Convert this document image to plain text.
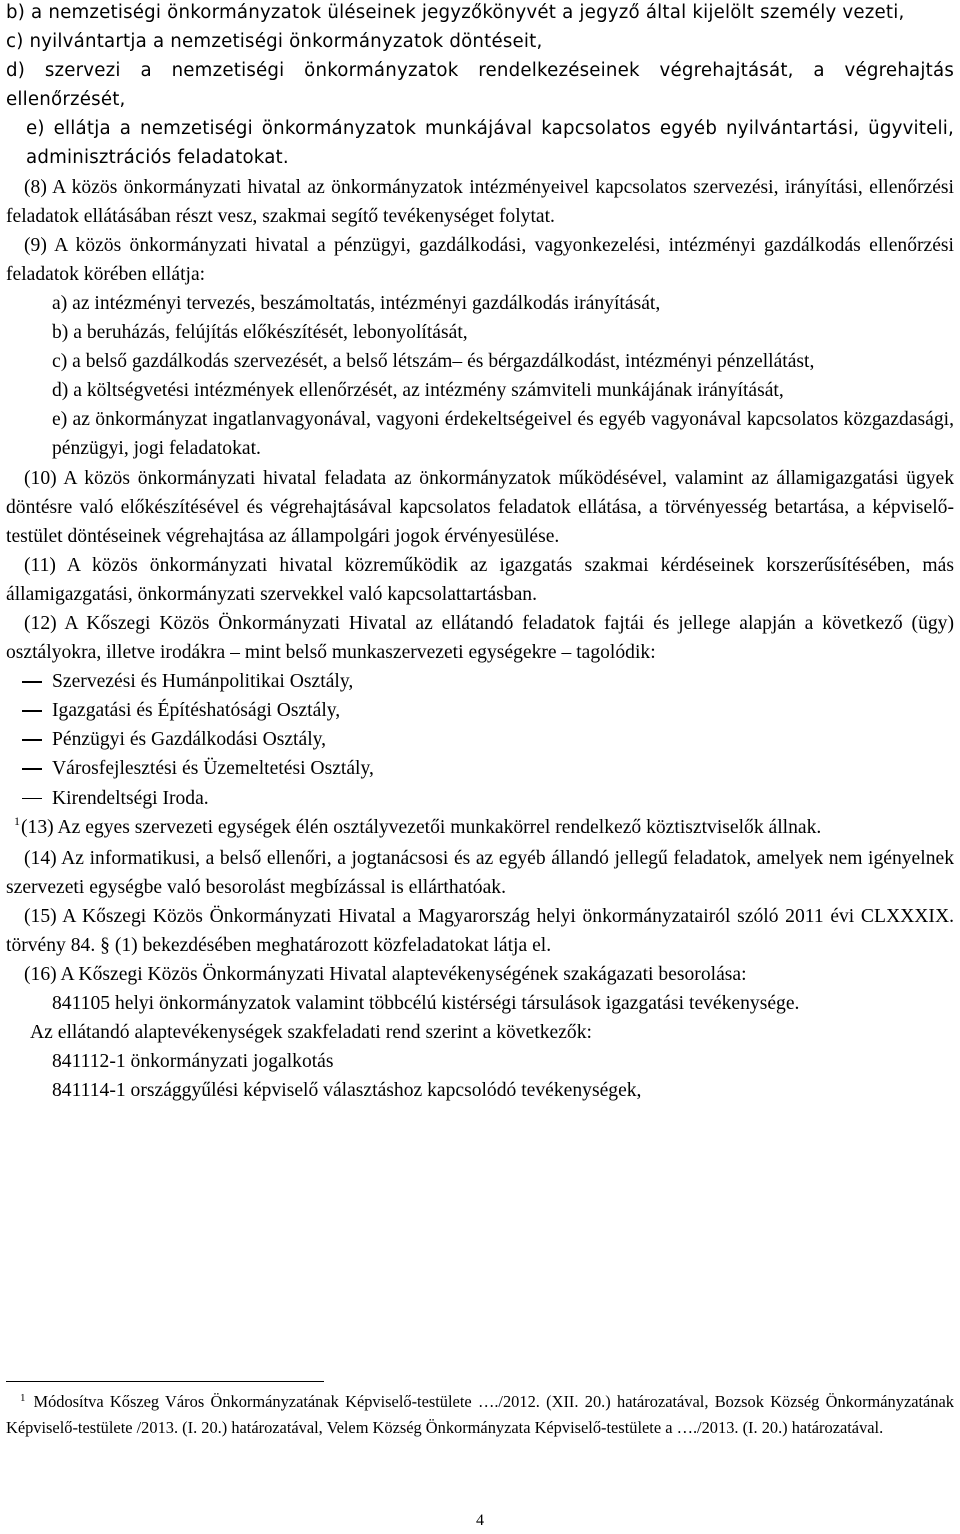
b) a nemzetiségi önkormányzatok üléseinek jegyzőkönyvét a jegyző által kijelölt személy vezeti,

c) nyilvántartja a nemzetiségi önkormányzatok döntéseit,

d) szervezi a nemzetiségi önkormányzatok rendelkezéseinek végrehajtását, a végrehajtás ellenőrzését,

e) ellátja a nemzetiségi önkormányzatok munkájával kapcsolatos egyéb nyilvántartási, ügyviteli, adminisztrációs feladatokat.

(8) A közös önkormányzati hivatal az önkormányzatok intézményeivel kapcsolatos szervezési, irányítási, ellenőrzési feladatok ellátásában részt vesz, szakmai segítő tevékenységet folytat.

(9) A közös önkormányzati hivatal a pénzügyi, gazdálkodási, vagyonkezelési, intézményi gazdálkodás ellenőrzési feladatok körében ellátja:

a) az intézményi tervezés, beszámoltatás, intézményi gazdálkodás irányítását,

b) a beruházás, felújítás előkészítését, lebonyolítását,

c) a belső gazdálkodás szervezését, a belső létszám– és bérgazdálkodást, intézményi pénzellátást,

d) a költségvetési intézmények ellenőrzését, az intézmény számviteli munkájának irányítását,

e) az önkormányzat ingatlanvagyonával, vagyoni érdekeltségeivel és egyéb vagyonával kapcsolatos közgazdasági, pénzügyi, jogi feladatokat.

(10) A közös önkormányzati hivatal feladata az önkormányzatok működésével, valamint az államigazgatási ügyek döntésre való előkészítésével és végrehajtásával kapcsolatos feladatok ellátása, a törvényesség betartása, a képviselő-testület döntéseinek végrehajtása az állampolgári jogok érvényesülése.

(11) A közös önkormányzati hivatal közreműködik az igazgatás szakmai kérdéseinek korszerűsítésében, más államigazgatási, önkormányzati szervekkel való kapcsolattartásban.

(12) A Kőszegi Közös Önkormányzati Hivatal az ellátandó feladatok fajtái és jellege alapján a következő (ügy) osztályokra, illetve irodákra – mint belső munkaszervezeti egységekre – tagolódik:

Szervezési és Humánpolitikai Osztály,
Igazgatási és Építéshatósági Osztály,
Pénzügyi és Gazdálkodási Osztály,
Városfejlesztési és Üzemeltetési Osztály,
Kirendeltségi Iroda.

$^1$(13) Az egyes szervezeti egységek élén osztályvezetői munkakörrel rendelkező köztisztviselők állnak.

(14) Az informatikusi, a belső ellenőri, a jogtanácsosi és az egyéb állandó jellegű feladatok, amelyek nem igényelnek szervezeti egységbe való besorolást megbízással is ellárthatóak.

(15) A Kőszegi Közös Önkormányzati Hivatal a Magyarország helyi önkormányzatairól szóló 2011 évi CLXXXIX. törvény 84. § (1) bekezdésében meghatározott közfeladatokat látja el.

(16) A Kőszegi Közös Önkormányzati Hivatal alaptevékenységének szakágazati besorolása:

841105 helyi önkormányzatok valamint többcélú kistérségi társulások igazgatási tevékenysége.

Az ellátandó alaptevékenységek szakfeladati rend szerint a következők:

841112-1 önkormányzati jogalkotás

841114-1 országgyűlési képviselő választáshoz kapcsolódó tevékenységek,

$^1$ Módosítva Kőszeg Város Önkormányzatának Képviselő-testülete …./2012. (XII. 20.) határozatával, Bozsok Község Önkormányzatának Képviselő-testülete /2013. (I. 20.) határozatával, Velem Község Önkormányzata Képviselő-testülete a …./2013. (I. 20.) határozatával.

4
